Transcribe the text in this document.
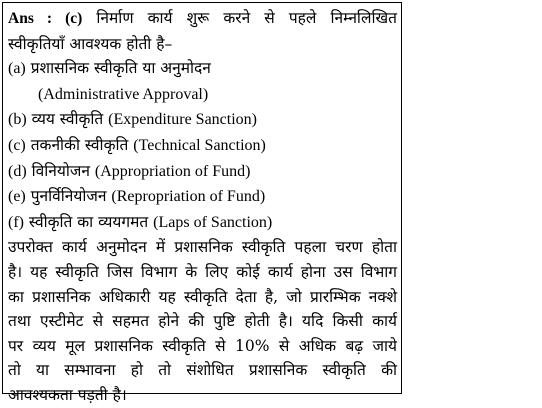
Ans : (c) निर्माण कार्य शुरू करने से पहले निम्नलिखित
स्वीकृतियाँ आवश्यक होती है–
(a) प्रशासनिक स्वीकृति या अनुमोदन
(Administrative Approval)
(b) व्यय स्वीकृति (Expenditure Sanction)
(c) तकनीकी स्वीकृति (Technical Sanction)
(d) विनियोजन (Appropriation of Fund)
(e) पुनर्विनियोजन (Repropriation of Fund)
(f) स्वीकृति का व्ययगमत (Laps of Sanction)
उपरोक्त कार्य अनुमोदन में प्रशासनिक स्वीकृति पहला चरण होता
है। यह स्वीकृति जिस विभाग के लिए कोई कार्य होना उस विभाग
का प्रशासनिक अधिकारी यह स्वीकृति देता है, जो प्रारम्भिक नक्शे
तथा एस्टीमेट से सहमत होने की पुष्टि होती है। यदि किसी कार्य
पर व्यय मूल प्रशासनिक स्वीकृति से 10% से अधिक बढ़ जाये
तो या सम्भावना हो तो संशोधित प्रशासनिक स्वीकृति की
आवश्यकता पड़ती है।
